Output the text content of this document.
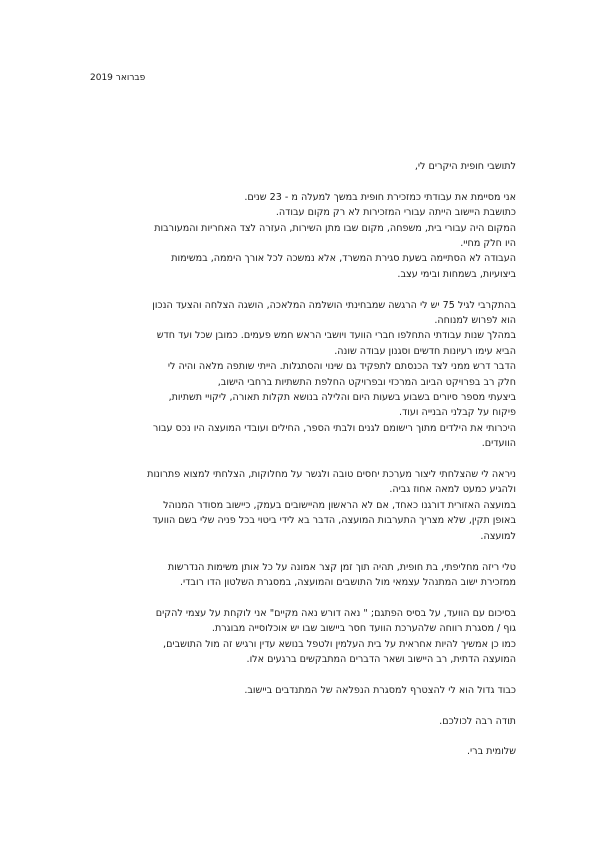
פברואר 2019

לתושבי חופית היקרים לי,

אני מסיימת את עבודתי כמזכירת חופית במשך למעלה מ - 23 שנים.
כתושבת היישוב הייתה עבורי המזכירות לא רק מקום עבודה.
המקום היה עבורי בית, משפחה, מקום שבו מתן השירות, העזרה לצד האחריות והמעורבות
היו חלק מחיי.
העבודה לא הסתיימה בשעת סגירת המשרד, אלא נמשכה לכל אורך היממה, במשימות
ביצועיות, בשמחות ובימי עצב.

בהתקרבי לגיל 75 יש לי הרגשה שמבחינתי הושלמה המלאכה, הושגה הצלחה והצעד הנכון
הוא לפרוש למנוחה.
במהלך שנות עבודתי התחלפו חברי הוועד ויושבי הראש חמש פעמים. כמובן שכל ועד חדש
הביא עימו רעיונות חדשים וסגנון עבודה שונה.
הדבר דרש ממני לצד הכנסתם לתפקיד גם שינוי והסתגלות. הייתי שותפה מלאה והיה לי
חלק רב בפרויקט הביוב המרכזי ובפרויקט החלפת התשתיות ברחבי הישוב,
ביצעתי מספר סיורים בשבוע בשעות היום והלילה בנושא תקלות תאורה, ליקויי תשתיות,
פיקוח על קבלני הבנייה ועוד.
היכרותי את הילדים מתוך רישומם לגנים ולבתי הספר, החילים ועובדי המועצה היו נכס עבור
הוועדים.

ניראה לי שהצלחתי ליצור מערכת יחסים טובה ולגשר על מחלוקות, הצלחתי למצוא פתרונות
ולהגיע כמעט למאה אחוז גביה.
במועצה האזורית דורגנו כאחד, אם לא הראשון מהיישובים בעמק, כיישוב מסודר המנוהל
באופן תקין, שלא מצריך התערבות המועצה, הדבר בא לידי ביטוי בכל פניה שלי בשם הוועד
למועצה.

טלי ריזה מחליפתי, בת חופית, תהיה תוך זמן קצר אמונה על כל אותן משימות הנדרשות
ממזכירת ישוב המתנהל עצמאי מול התושבים והמועצה, במסגרת השלטון הדו רובדי.

בסיכום עם הוועד, על בסיס הפתגם; " נאה דורש נאה מקיים" אני לוקחת על עצמי להקים
גוף / מסגרת רווחה שלהערכת הוועד חסר ביישוב שבו יש אוכלוסייה מבוגרת.
כמו כן אמשיך להיות אחראית על בית העלמין ולטפל בנושא עדין ורגיש זה מול התושבים,
המועצה הדתית, רב היישוב ושאר הדברים המתבקשים ברגעים אלו.

כבוד גדול הוא לי להצטרף למסגרת הנפלאה של המתנדבים ביישוב.

תודה רבה לכולכם.

שלומית ברי.
